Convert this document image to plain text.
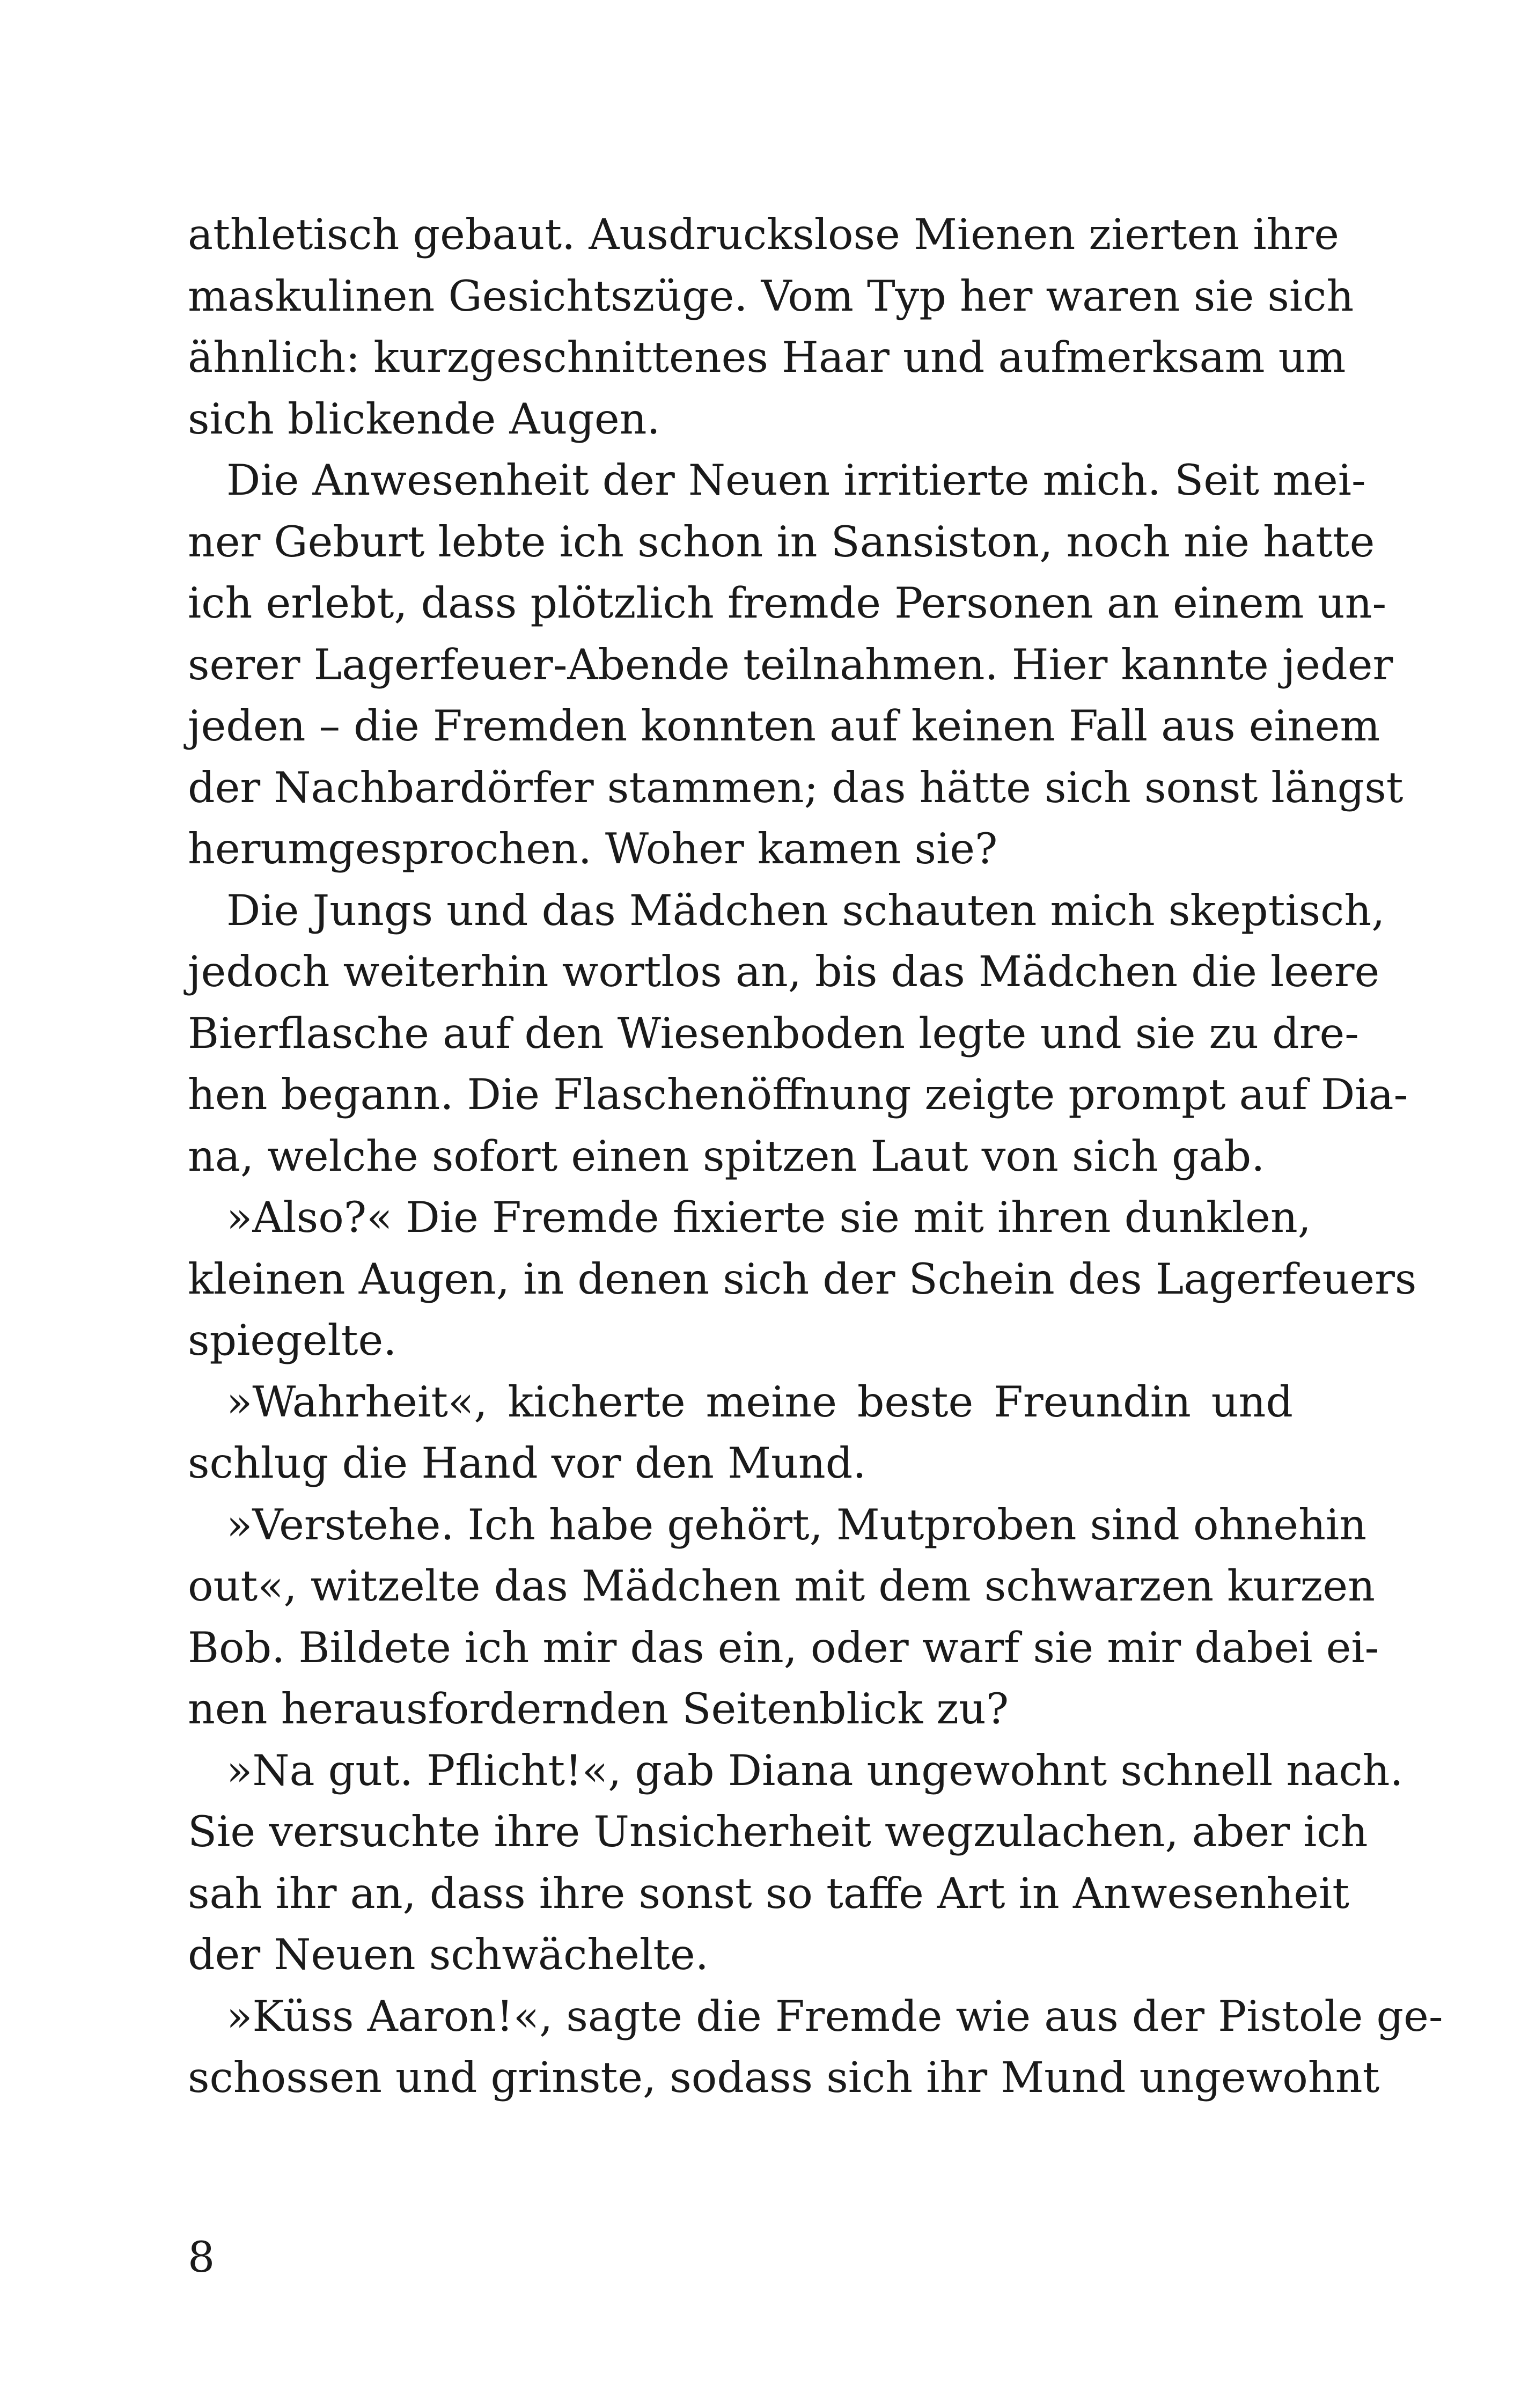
athletisch gebaut. Ausdruckslose Mienen zierten ihre
maskulinen Gesichtszüge. Vom Typ her waren sie sich
ähnlich: kurzgeschnittenes Haar und aufmerksam um
sich blickende Augen.
Die Anwesenheit der Neuen irritierte mich. Seit mei-
ner Geburt lebte ich schon in Sansiston, noch nie hatte
ich erlebt, dass plötzlich fremde Personen an einem un-
serer Lagerfeuer-Abende teilnahmen. Hier kannte jeder
jeden – die Fremden konnten auf keinen Fall aus einem
der Nachbardörfer stammen; das hätte sich sonst längst
herumgesprochen. Woher kamen sie?
Die Jungs und das Mädchen schauten mich skeptisch,
jedoch weiterhin wortlos an, bis das Mädchen die leere
Bierflasche auf den Wiesenboden legte und sie zu dre-
hen begann. Die Flaschenöffnung zeigte prompt auf Dia-
na, welche sofort einen spitzen Laut von sich gab.
»Also?« Die Fremde fixierte sie mit ihren dunklen,
kleinen Augen, in denen sich der Schein des Lagerfeuers
spiegelte.
»Wahrheit«, kicherte meine beste Freundin und
schlug die Hand vor den Mund.
»Verstehe. Ich habe gehört, Mutproben sind ohnehin
out«, witzelte das Mädchen mit dem schwarzen kurzen
Bob. Bildete ich mir das ein, oder warf sie mir dabei ei-
nen herausfordernden Seitenblick zu?
»Na gut. Pflicht!«, gab Diana ungewohnt schnell nach.
Sie versuchte ihre Unsicherheit wegzulachen, aber ich
sah ihr an, dass ihre sonst so taffe Art in Anwesenheit
der Neuen schwächelte.
»Küss Aaron!«, sagte die Fremde wie aus der Pistole ge-
schossen und grinste, sodass sich ihr Mund ungewohnt
8
